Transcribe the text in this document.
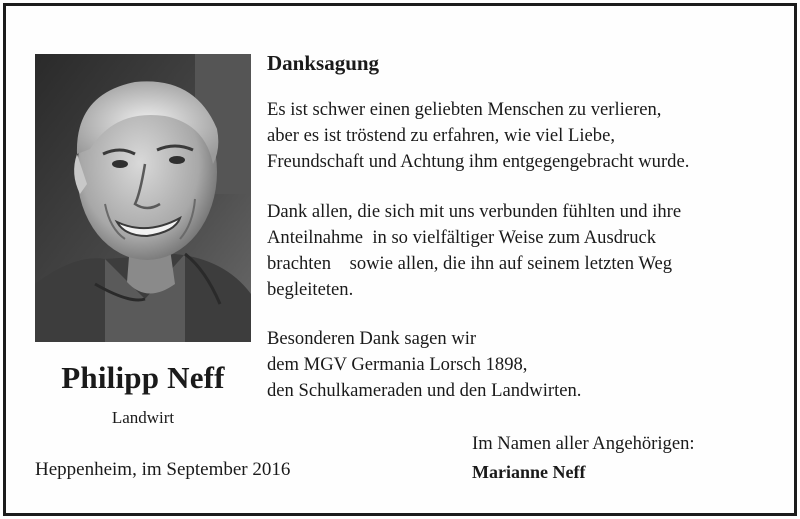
Philipp Neff
Landwirt
Heppenheim, im September 2016
Danksagung

Es ist schwer einen geliebten Menschen zu verlieren,
aber es ist tröstend zu erfahren, wie viel Liebe,
Freundschaft und Achtung ihm entgegengebracht wurde.

Dank allen, die sich mit uns verbunden fühlten und ihre
Anteilnahme  in so vielfältiger Weise zum Ausdruck
brachten    sowie allen, die ihn auf seinem letzten Weg
begleiteten.

Besonderen Dank sagen wir
dem MGV Germania Lorsch 1898,
den Schulkameraden und den Landwirten.

Im Namen aller Angehörigen:
Marianne Neff
